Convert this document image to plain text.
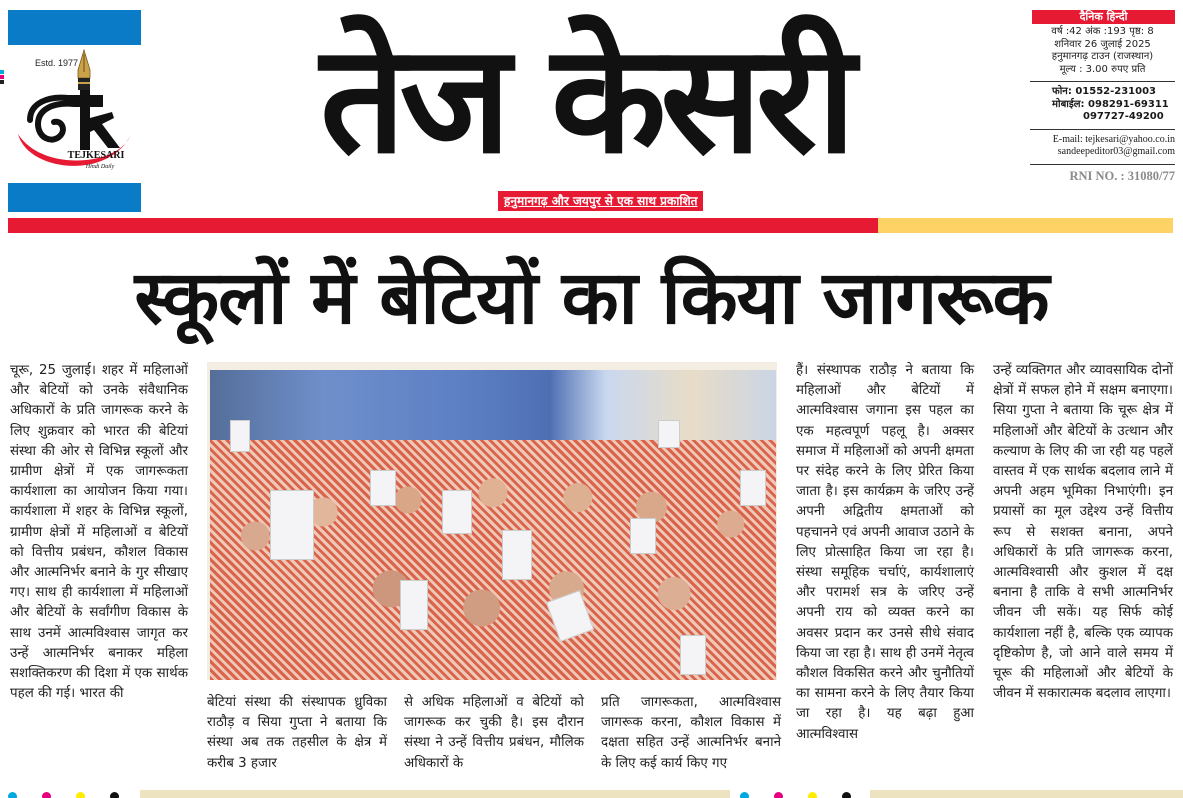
TEJKESARI
Hindi Daily
Estd. 1977 तेज केसरी
हनुमानगढ़ और जयपुर से एक साथ प्रकाशित
दैनिक हिन्दी
वर्ष :42 अंक :193 पृष्ठ: 8
शनिवार 26 जुलाई 2025
हनुमानगढ़ टाउन (राजस्थान)
मूल्य : 3.00 रुपए प्रति
फोन: 01552-231003
मोबाईल: 098291-69311
097727-49200
E-mail: tejkesari@yahoo.co.in
sandeepeditor03@gmail.com
RNI NO. : 31080/77
स्कूलों में बेटियों का किया जागरूक

चूरू, 25 जुलाई। शहर में महिलाओं और बेटियों को उनके संवैधानिक अधिकारों के प्रति जागरूक करने के लिए शुक्रवार को भारत की बेटियां संस्था की ओर से विभिन्न स्कूलों और ग्रामीण क्षेत्रों में एक जागरूकता कार्यशाला का आयोजन किया गया। कार्यशाला में शहर के विभिन्न स्कूलों, ग्रामीण क्षेत्रों में महिलाओं व बेटियों को वित्तीय प्रबंधन, कौशल विकास और आत्मनिर्भर बनाने के गुर सीखाए गए। साथ ही कार्यशाला में महिलाओं और बेटियों के सर्वांगीण विकास के साथ उनमें आत्मविश्वास जागृत कर उन्हें आत्मनिर्भर बनाकर महिला सशक्तिकरण की दिशा में एक सार्थक पहल की गई। भारत की

बेटियां संस्था की संस्थापक ध्रुविका राठौड़ व सिया गुप्ता ने बताया कि संस्था अब तक तहसील के क्षेत्र में करीब 3 हजार

से अधिक महिलाओं व बेटियों को जागरूक कर चुकी है। इस दौरान संस्था ने उन्हें वित्तीय प्रबंधन, मौलिक अधिकारों के

प्रति जागरूकता, आत्मविश्वास जागरूक करना, कौशल विकास में दक्षता सहित उन्हें आत्मनिर्भर बनाने के लिए कई कार्य किए गए

हैं। संस्थापक राठौड़ ने बताया कि महिलाओं और बेटियों में आत्मविश्वास जगाना इस पहल का एक महत्वपूर्ण पहलू है। अक्सर समाज में महिलाओं को अपनी क्षमता पर संदेह करने के लिए प्रेरित किया जाता है। इस कार्यक्रम के जरिए उन्हें अपनी अद्वितीय क्षमताओं को पहचानने एवं अपनी आवाज उठाने के लिए प्रोत्साहित किया जा रहा है। संस्था समूहिक चर्चाएं, कार्यशालाएं और परामर्श सत्र के जरिए उन्हें अपनी राय को व्यक्त करने का अवसर प्रदान कर उनसे सीधे संवाद किया जा रहा है। साथ ही उनमें नेतृत्व कौशल विकसित करने और चुनौतियों का सामना करने के लिए तैयार किया जा रहा है। यह बढ़ा हुआ आत्मविश्वास

उन्हें व्यक्तिगत और व्यावसायिक दोनों क्षेत्रों में सफल होने में सक्षम बनाएगा। सिया गुप्ता ने बताया कि चूरू क्षेत्र में महिलाओं और बेटियों के उत्थान और कल्याण के लिए की जा रही यह पहलें वास्तव में एक सार्थक बदलाव लाने में अपनी अहम भूमिका निभाएंगी। इन प्रयासों का मूल उद्देश्य उन्हें वित्तीय रूप से सशक्त बनाना, अपने अधिकारों के प्रति जागरूक करना, आत्मविश्वासी और कुशल में दक्ष बनाना है ताकि वे सभी आत्मनिर्भर जीवन जी सकें। यह सिर्फ कोई कार्यशाला नहीं है, बल्कि एक व्यापक दृष्टिकोण है, जो आने वाले समय में चूरू की महिलाओं और बेटियों के जीवन में सकारात्मक बदलाव लाएगा।
